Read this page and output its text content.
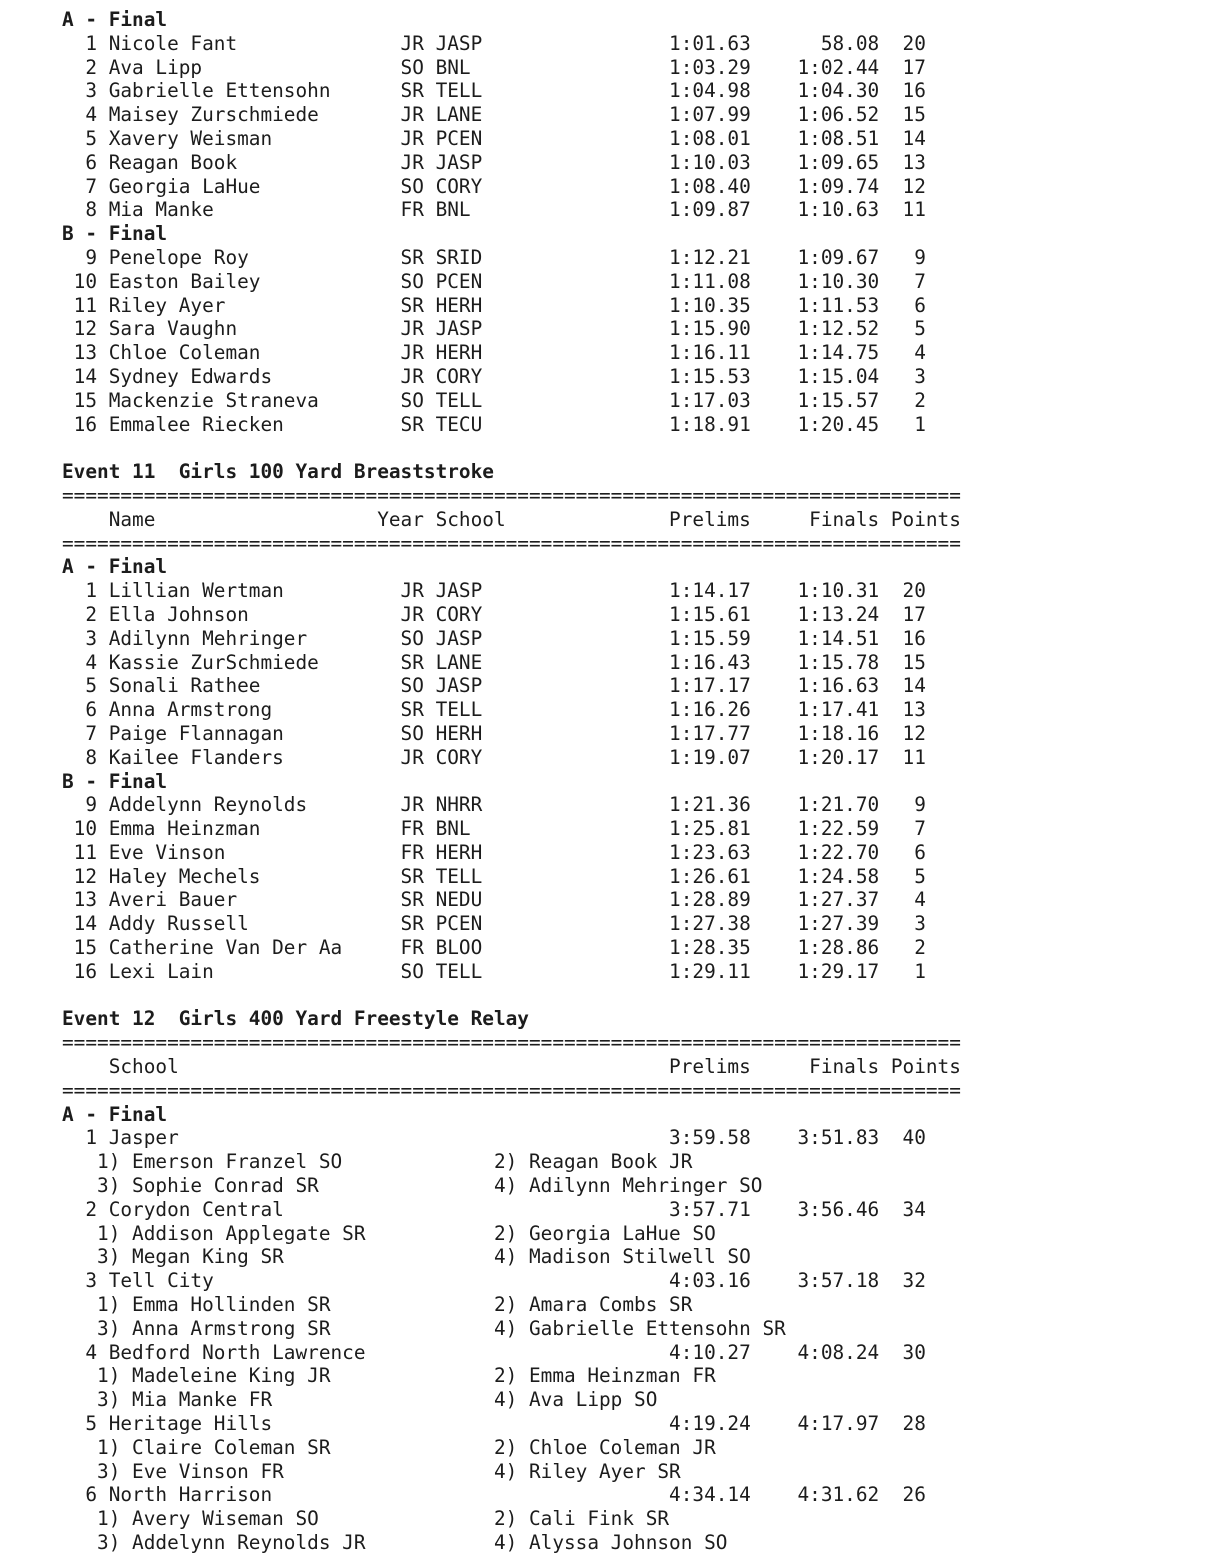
A - Final
1 Nicole Fant              JR JASP                1:01.63      58.08  20
2 Ava Lipp                 SO BNL                 1:03.29    1:02.44  17
3 Gabrielle Ettensohn      SR TELL                1:04.98    1:04.30  16
4 Maisey Zurschmiede       JR LANE                1:07.99    1:06.52  15
5 Xavery Weisman           JR PCEN                1:08.01    1:08.51  14
6 Reagan Book              JR JASP                1:10.03    1:09.65  13
7 Georgia LaHue            SO CORY                1:08.40    1:09.74  12
8 Mia Manke                FR BNL                 1:09.87    1:10.63  11
B - Final
9 Penelope Roy             SR SRID                1:12.21    1:09.67   9
10 Easton Bailey            SO PCEN                1:11.08    1:10.30   7
11 Riley Ayer               SR HERH                1:10.35    1:11.53   6
12 Sara Vaughn              JR JASP                1:15.90    1:12.52   5
13 Chloe Coleman            JR HERH                1:16.11    1:14.75   4
14 Sydney Edwards           JR CORY                1:15.53    1:15.04   3
15 Mackenzie Straneva       SO TELL                1:17.03    1:15.57   2
16 Emmalee Riecken          SR TECU                1:18.91    1:20.45   1

Event 11  Girls 100 Yard Breaststroke
=============================================================================
Name                   Year School              Prelims     Finals Points
=============================================================================
A - Final
1 Lillian Wertman          JR JASP                1:14.17    1:10.31  20
2 Ella Johnson             JR CORY                1:15.61    1:13.24  17
3 Adilynn Mehringer        SO JASP                1:15.59    1:14.51  16
4 Kassie ZurSchmiede       SR LANE                1:16.43    1:15.78  15
5 Sonali Rathee            SO JASP                1:17.17    1:16.63  14
6 Anna Armstrong           SR TELL                1:16.26    1:17.41  13
7 Paige Flannagan          SO HERH                1:17.77    1:18.16  12
8 Kailee Flanders          JR CORY                1:19.07    1:20.17  11
B - Final
9 Addelynn Reynolds        JR NHRR                1:21.36    1:21.70   9
10 Emma Heinzman            FR BNL                 1:25.81    1:22.59   7
11 Eve Vinson               FR HERH                1:23.63    1:22.70   6
12 Haley Mechels            SR TELL                1:26.61    1:24.58   5
13 Averi Bauer              SR NEDU                1:28.89    1:27.37   4
14 Addy Russell             SR PCEN                1:27.38    1:27.39   3
15 Catherine Van Der Aa     FR BLOO                1:28.35    1:28.86   2
16 Lexi Lain                SO TELL                1:29.11    1:29.17   1

Event 12  Girls 400 Yard Freestyle Relay
=============================================================================
School                                          Prelims     Finals Points
=============================================================================
A - Final
1 Jasper                                          3:59.58    3:51.83  40
1) Emerson Franzel SO             2) Reagan Book JR
3) Sophie Conrad SR               4) Adilynn Mehringer SO
2 Corydon Central                                 3:57.71    3:56.46  34
1) Addison Applegate SR           2) Georgia LaHue SO
3) Megan King SR                  4) Madison Stilwell SO
3 Tell City                                       4:03.16    3:57.18  32
1) Emma Hollinden SR              2) Amara Combs SR
3) Anna Armstrong SR              4) Gabrielle Ettensohn SR
4 Bedford North Lawrence                          4:10.27    4:08.24  30
1) Madeleine King JR              2) Emma Heinzman FR
3) Mia Manke FR                   4) Ava Lipp SO
5 Heritage Hills                                  4:19.24    4:17.97  28
1) Claire Coleman SR              2) Chloe Coleman JR
3) Eve Vinson FR                  4) Riley Ayer SR
6 North Harrison                                  4:34.14    4:31.62  26
1) Avery Wiseman SO               2) Cali Fink SR
3) Addelynn Reynolds JR           4) Alyssa Johnson SO
